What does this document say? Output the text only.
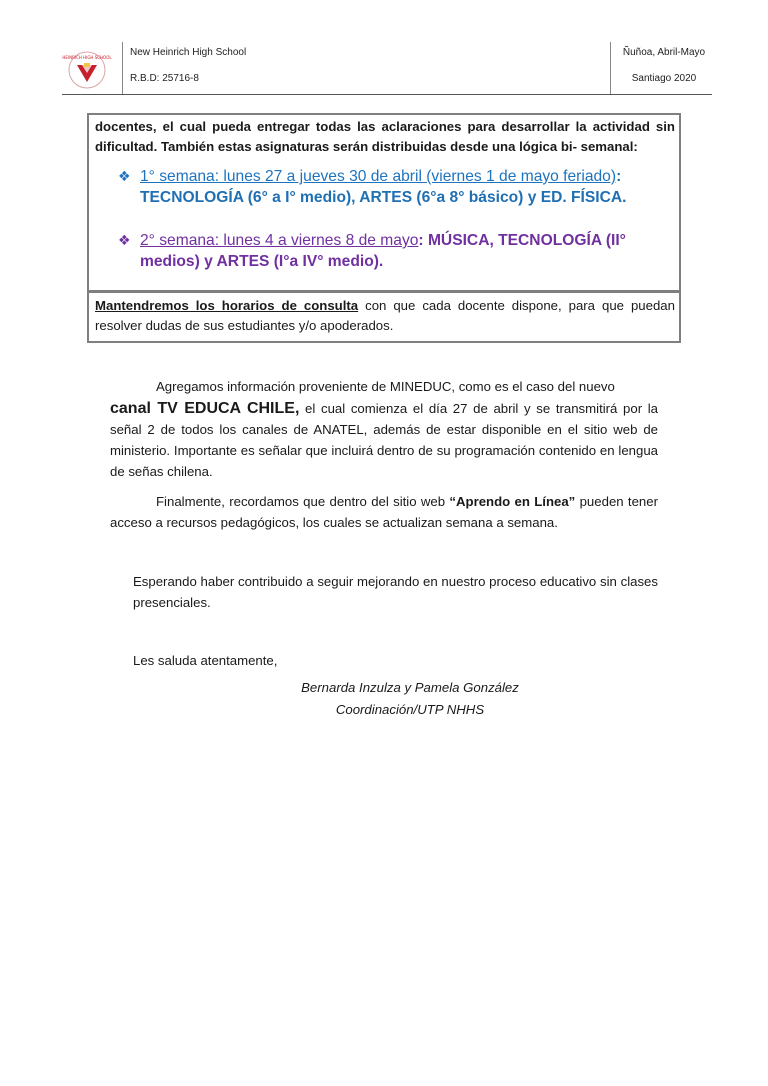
HEINRICH HIGH SCHOOL New Heinrich High School
R.B.D: 25716-8
Ñuñoa, Abril-Mayo
Santiago 2020
docentes, el cual pueda entregar todas las aclaraciones para desarrollar la actividad sin dificultad. También estas asignaturas serán distribuidas desde una lógica bi- semanal:
❖ 1° semana: lunes 27 a jueves 30 de abril (viernes 1 de mayo feriado):
TECNOLOGÍA (6° a I° medio), ARTES (6°a 8° básico) y ED. FÍSICA.
❖ 2° semana: lunes 4 a viernes 8 de mayo: MÚSICA, TECNOLOGÍA (II°
medios) y ARTES (I°a IV° medio).
Mantendremos los horarios de consulta con que cada docente dispone, para que puedan resolver dudas de sus estudiantes y/o apoderados.
Agregamos información proveniente de MINEDUC, como es el caso del nuevo
canal TV EDUCA CHILE, el cual comienza el día 27 de abril y se transmitirá por la señal 2 de todos los canales de ANATEL, además de estar disponible en el sitio web de ministerio. Importante es señalar que incluirá dentro de su programación contenido en lengua de señas chilena.
Finalmente, recordamos que dentro del sitio web “Aprendo en Línea” pueden tener acceso a recursos pedagógicos, los cuales se actualizan semana a semana.
Esperando haber contribuido a seguir mejorando en nuestro proceso educativo sin clases presenciales.
Les saluda atentamente,
Bernarda Inzulza y Pamela González
Coordinación/UTP NHHS
